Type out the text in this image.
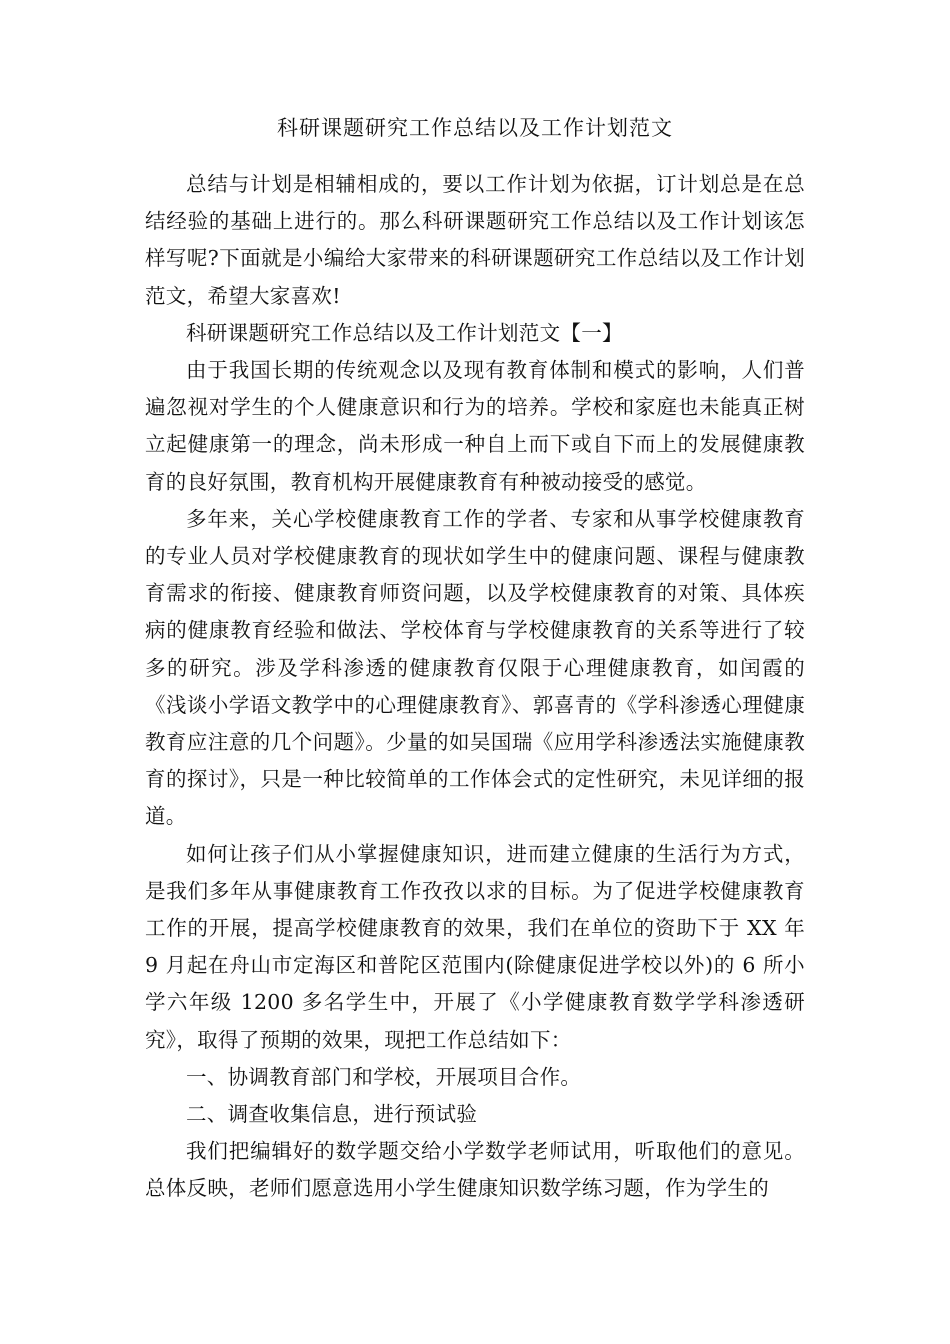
科研课题研究工作总结以及工作计划范文

总结与计划是相辅相成的，要以工作计划为依据，订计划总是在总结经验的基础上进行的。那么科研课题研究工作总结以及工作计划该怎样写呢?下面就是小编给大家带来的科研课题研究工作总结以及工作计划范文，希望大家喜欢!

科研课题研究工作总结以及工作计划范文【一】

由于我国长期的传统观念以及现有教育体制和模式的影响，人们普遍忽视对学生的个人健康意识和行为的培养。学校和家庭也未能真正树立起健康第一的理念，尚未形成一种自上而下或自下而上的发展健康教育的良好氛围，教育机构开展健康教育有种被动接受的感觉。

多年来，关心学校健康教育工作的学者、专家和从事学校健康教育的专业人员对学校健康教育的现状如学生中的健康问题、课程与健康教育需求的衔接、健康教育师资问题，以及学校健康教育的对策、具体疾病的健康教育经验和做法、学校体育与学校健康教育的关系等进行了较多的研究。涉及学科渗透的健康教育仅限于心理健康教育，如闰霞的《浅谈小学语文教学中的心理健康教育》、郭喜青的《学科渗透心理健康教育应注意的几个问题》。少量的如吴国瑞《应用学科渗透法实施健康教育的探讨》，只是一种比较简单的工作体会式的定性研究，未见详细的报道。

如何让孩子们从小掌握健康知识，进而建立健康的生活行为方式，是我们多年从事健康教育工作孜孜以求的目标。为了促进学校健康教育工作的开展，提高学校健康教育的效果，我们在单位的资助下于 XX 年 9 月起在舟山市定海区和普陀区范围内(除健康促进学校以外)的 6 所小学六年级 1200 多名学生中，开展了《小学健康教育数学学科渗透研究》，取得了预期的效果，现把工作总结如下：

一、协调教育部门和学校，开展项目合作。

二、调查收集信息，进行预试验

我们把编辑好的数学题交给小学数学老师试用，听取他们的意见。总体反映，老师们愿意选用小学生健康知识数学练习题，作为学生的
